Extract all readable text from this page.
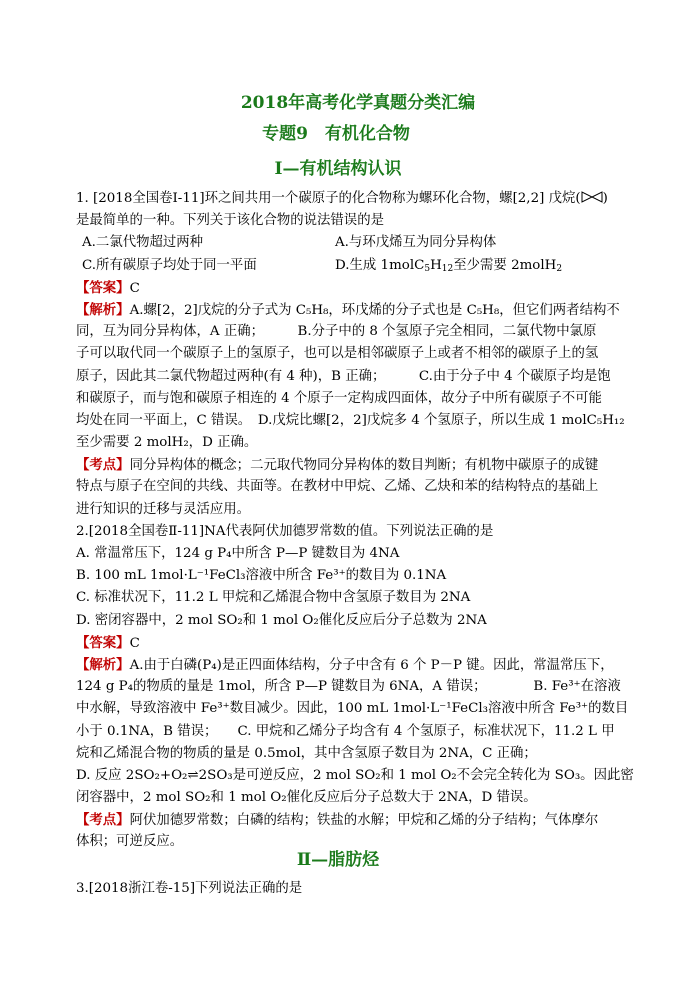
2018年高考化学真题分类汇编
专题9　有机化合物
Ⅰ—有机结构认识
1. [2018全国卷Ⅰ-11]环之间共用一个碳原子的化合物称为螺环化合物，螺[2,2] 戊烷( )
是最简单的一种。下列关于该化合物的说法错误的是
A.二氯代物超过两种	A.与环戊烯互为同分异构体
C.所有碳原子均处于同一平面	D.生成 $1molC_5H_{12}$至少需要 2molH$_2$
【答案】C
【解析】A.螺[2，2]戊烷的分子式为 C₅H₈，环戊烯的分子式也是 C₅H₈，但它们两者结构不
同，互为同分异构体，A 正确；　　　B.分子中的 8 个氢原子完全相同，二氯代物中氯原
子可以取代同一个碳原子上的氢原子，也可以是相邻碳原子上或者不相邻的碳原子上的氢
原子，因此其二氯代物超过两种(有 4 种)，B 正确；　　　C.由于分子中 4 个碳原子均是饱
和碳原子，而与饱和碳原子相连的 4 个原子一定构成四面体，故分子中所有碳原子不可能
均处在同一平面上，C 错误。　D.戊烷比螺[2，2]戊烷多 4 个氢原子，所以生成 1 molC₅H₁₂
至少需要 2 molH₂，D 正确。
【考点】同分异构体的概念；二元取代物同分异构体的数目判断；有机物中碳原子的成键
特点与原子在空间的共线、共面等。在教材中甲烷、乙烯、乙炔和苯的结构特点的基础上
进行知识的迁移与灵活应用。
2.[2018全国卷Ⅱ-11]NA代表阿伏加德罗常数的值。下列说法正确的是
A. 常温常压下，124 g P₄中所含 P—P 键数目为 4NA
B. 100 mL 1mol·L⁻¹FeCl₃溶液中所含 Fe³⁺的数目为 0.1NA
C. 标准状况下，11.2 L 甲烷和乙烯混合物中含氢原子数目为 2NA
D. 密闭容器中，2 mol SO₂和 1 mol O₂催化反应后分子总数为 2NA
【答案】C
【解析】A.由于白磷(P₄)是正四面体结构，分子中含有 6 个 P－P 键。因此，常温常压下，
124 g P₄的物质的量是 1mol，所含 P—P 键数目为 6NA，A 错误；　　　　B. Fe³⁺在溶液
中水解，导致溶液中 Fe³⁺数目减少。因此，100 mL 1mol·L⁻¹FeCl₃溶液中所含 Fe³⁺的数目
小于 0.1NA，B 错误；　　C. 甲烷和乙烯分子均含有 4 个氢原子，标准状况下，11.2 L 甲
烷和乙烯混合物的物质的量是 0.5mol，其中含氢原子数目为 2NA，C 正确；
D. 反应 2SO₂+O₂⇌2SO₃是可逆反应，2 mol SO₂和 1 mol O₂不会完全转化为 SO₃。因此密
闭容器中，2 mol SO₂和 1 mol O₂催化反应后分子总数大于 2NA，D 错误。
【考点】阿伏加德罗常数；白磷的结构；铁盐的水解；甲烷和乙烯的分子结构；气体摩尔
体积；可逆反应。
Ⅱ—脂肪烃
3.[2018浙江卷-15]下列说法正确的是
